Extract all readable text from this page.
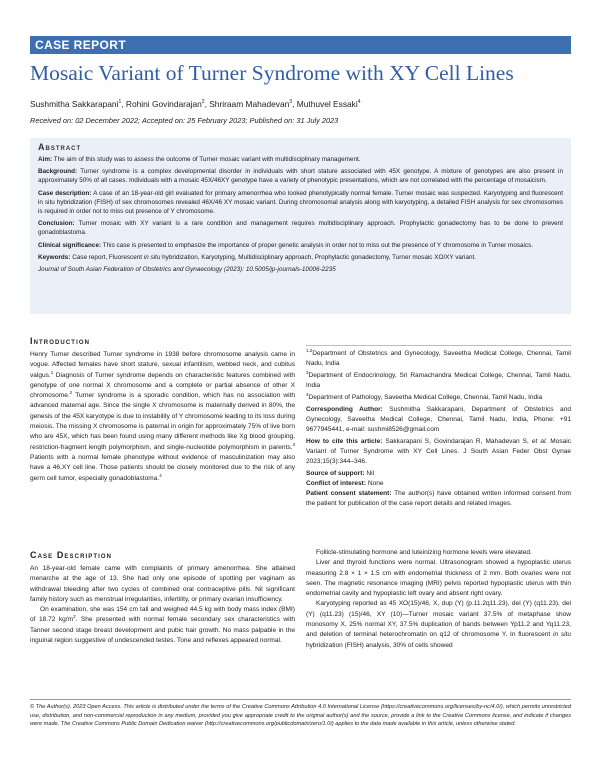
CASE REPORT
Mosaic Variant of Turner Syndrome with XY Cell Lines
Sushmitha Sakkarapani$^1$, Rohini Govindarajan$^2$, Shriraam Mahadevan$^3$, Muthuvel Essaki$^4$
Received on: 02 December 2022; Accepted on: 25 February 2023; Published on: 31 July 2023
Abstract

Aim: The aim of this study was to assess the outcome of Turner mosaic variant with multidisciplinary management.

Background: Turner syndrome is a complex developmental disorder in individuals with short stature associated with 45X genotype. A mixture of genotypes are also present in approximately 50% of all cases. Individuals with a mosaic 45X/46XY genotype have a variety of phenotypic presentations, which are not correlated with the percentage of mosaicism.

Case description: A case of an 18-year-old girl evaluated for primary amenorrhea who looked phenotypically normal female. Turner mosaic was suspected. Karyotyping and fluorescent in situ hybridization (FISH) of sex chromosomes revealed 46X/46 XY mosaic variant. During chromosomal analysis along with karyotyping, a detailed FISH analysis for sex chromosomes is required in order not to miss out presence of Y chromosome.

Conclusion: Turner mosaic with XY variant is a rare condition and management requires multidisciplinary approach. Prophylactic gonadectomy has to be done to prevent gonadoblastoma.

Clinical significance: This case is presented to emphasize the importance of proper genetic analysis in order not to miss out the presence of Y chromosome in Turner mosaics.

Keywords: Case report, Fluorescent in situ hybridization, Karyotyping, Multidisciplinary approach, Prophylactic gonadectomy, Turner mosaic XO/XY variant.

Journal of South Asian Federation of Obstetrics and Gynaecology (2023): 10.5005/jp-journals-10006-2235

Introduction

Henry Turner described Turner syndrome in 1938 before chromosome analysis came in vogue. Affected females have short stature, sexual infantilism, webbed neck, and cubitus valgus.$^1$ Diagnosis of Turner syndrome depends on characteristic features combined with genotype of one normal X chromosome and a complete or partial absence of other X chromosome.$^2$ Turner syndrome is a sporadic condition, which has no association with advanced maternal age. Since the single X chromosome is maternally derived in 80%, the genesis of the 45X karyotype is due to instability of Y chromosome leading to its loss during meiosis. The missing X chromosome is paternal in origin for approximately 75% of live born who are 45X, which has been found using many different methods like Xg blood grouping, restriction-fragment length polymorphism, and single-nucleotide polymorphism in parents.$^3$ Patients with a normal female phenotype without evidence of masculinization may also have a 46,XY cell line. Those patients should be closely monitored due to the risk of any germ cell tumor, especially gonadoblastoma.$^4$

Case Description

An 18-year-old female came with complaints of primary amenorrhea. She attained menarche at the age of 13. She had only one episode of spotting per vaginam as withdrawal bleeding after two cycles of combined oral contraceptive pills. Nil significant family history such as menstrual irregularities, infertility, or primary ovarian insufficiency.

On examination, she was 154 cm tall and weighed 44.5 kg with body mass index (BMI) of 18.72 $kg/m^2$. She presented with normal female secondary sex characteristics with Tanner second stage breast development and pubic hair growth. No mass palpable in the inguinal region suggestive of undescended testes. Tone and reflexes appeared normal.

$^{1,2}$Department of Obstetrics and Gynecology, Saveetha Medical College, Chennai, Tamil Nadu, India

$^3$Department of Endocrinology, Sri Ramachandra Medical College, Chennai, Tamil Nadu, India

$^4$Department of Pathology, Saveetha Medical College, Chennai, Tamil Nadu, India

Corresponding Author: Sushmitha Sakkarapani, Department of Obstetrics and Gynecology, Saveetha Medical College, Chennai, Tamil Nadu, India, Phone: +91 9677945441, e-mail: sushmi8526@gmail.com

How to cite this article: Sakkarapani S, Govindarajan R, Mahadevan S, et al. Mosaic Variant of Turner Syndrome with XY Cell Lines. J South Asian Feder Obst Gynae 2023;15(3):344–346.

Source of support: Nil

Conflict of interest: None

Patient consent statement: The author(s) have obtained written informed consent from the patient for publication of the case report details and related images.

Follicle-stimulating hormone and luteinizing hormone levels were elevated.

Liver and thyroid functions were normal. Ultrasonogram showed a hypoplastic uterus measuring 2.8 × 1 × 1.5 cm with endometrial thickness of 2 mm. Both ovaries were not seen. The magnetic resonance imaging (MRI) pelvis reported hypoplastic uterus with thin endometrial cavity and hypoplastic left ovary and absent right ovary.

Karyotyping reported as 45 XO(15)/46, X, dup (Y) (p.11.2q11.23), del (Y) (q11.23), del (Y) (q11.23) (15)/46, XY (10)—Turner mosaic variant 37.5% of metaphase show monosomy X, 25% normal XY, 37.5% duplication of bands between Yp11.2 and Yq11.23, and deletion of terminal heterochromatin on q12 of chromosome Y. In fluorescent in situ hybridization (FISH) analysis, 30% of cells showed

© The Author(s). 2023 Open Access. This article is distributed under the terms of the Creative Commons Attribution 4.0 International License (https://creativecommons.org/licenses/by-nc/4.0/), which permits unrestricted use, distribution, and non-commercial reproduction in any medium, provided you give appropriate credit to the original author(s) and the source, provide a link to the Creative Commons license, and indicate if changes were made. The Creative Commons Public Domain Dedication waiver (http://creativecommons.org/publicdomain/zero/1.0/) applies to the data made available in this article, unless otherwise stated.
